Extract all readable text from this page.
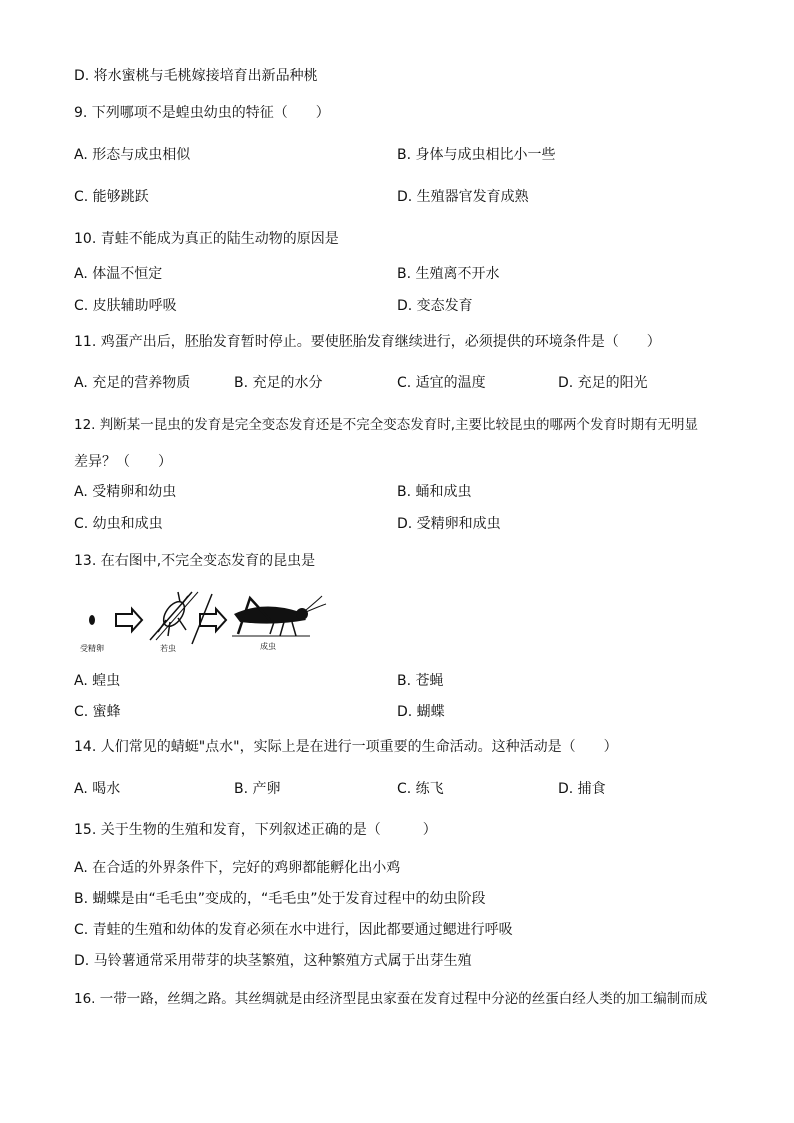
D. 将水蜜桃与毛桃嫁接培育出新品种桃
9. 下列哪项不是蝗虫幼虫的特征（　　）
A. 形态与成虫相似	B. 身体与成虫相比小一些
C. 能够跳跃	D. 生殖器官发育成熟
10. 青蛙不能成为真正的陆生动物的原因是
A. 体温不恒定	B. 生殖离不开水
C. 皮肤辅助呼吸	D. 变态发育
11. 鸡蛋产出后，胚胎发育暂时停止。要使胚胎发育继续进行，必须提供的环境条件是（　　）
A. 充足的营养物质	B. 充足的水分	C. 适宜的温度	D. 充足的阳光
12. 判断某一昆虫的发育是完全变态发育还是不完全变态发育时,主要比较昆虫的哪两个发育时期有无明显
差异？（　　）
A. 受精卵和幼虫	B. 蛹和成虫
C. 幼虫和成虫	D. 受精卵和成虫
13. 在右图中,不完全变态发育的昆虫是
受精卵	若虫	成虫
A. 蝗虫	B. 苍蝇
C. 蜜蜂	D. 蝴蝶
14. 人们常见的蜻蜓"点水"，实际上是在进行一项重要的生命活动。这种活动是（　　）
A. 喝水	B. 产卵	C. 练飞	D. 捕食
15. 关于生物的生殖和发育，下列叙述正确的是（　　　）
A. 在合适的外界条件下，完好的鸡卵都能孵化出小鸡
B. 蝴蝶是由“毛毛虫”变成的，“毛毛虫”处于发育过程中的幼虫阶段
C. 青蛙的生殖和幼体的发育必须在水中进行，因此都要通过鳃进行呼吸
D. 马铃薯通常采用带芽的块茎繁殖，这种繁殖方式属于出芽生殖
16. 一带一路，丝绸之路。其丝绸就是由经济型昆虫家蚕在发育过程中分泌的丝蛋白经人类的加工编制而成
